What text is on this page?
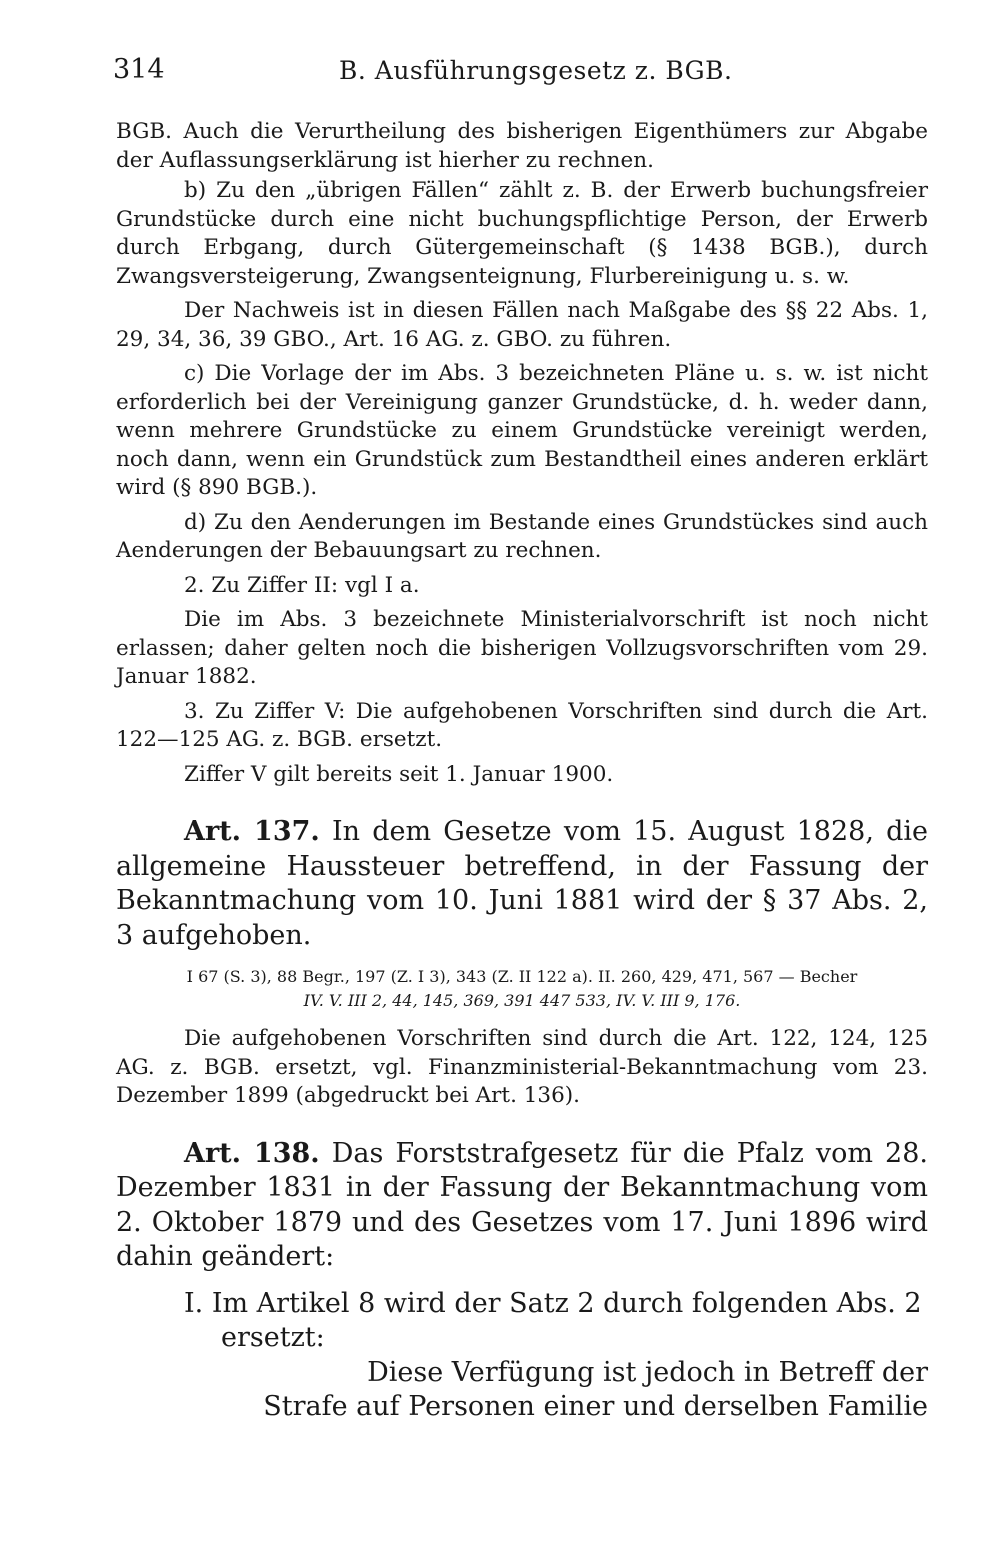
314	B. Ausführungsgesetz z. BGB.

BGB. Auch die Verurtheilung des bisherigen Eigenthümers zur Abgabe der Auflassungserklärung ist hierher zu rechnen.

b) Zu den „übrigen Fällen“ zählt z. B. der Erwerb buchungsfreier Grundstücke durch eine nicht buchungspflichtige Person, der Erwerb durch Erbgang, durch Gütergemeinschaft (§ 1438 BGB.), durch Zwangsversteigerung, Zwangsenteignung, Flurbereinigung u. s. w.

Der Nachweis ist in diesen Fällen nach Maßgabe des §§ 22 Abs. 1, 29, 34, 36, 39 GBO., Art. 16 AG. z. GBO. zu führen.

c) Die Vorlage der im Abs. 3 bezeichneten Pläne u. s. w. ist nicht erforderlich bei der Vereinigung ganzer Grundstücke, d. h. weder dann, wenn mehrere Grundstücke zu einem Grundstücke vereinigt werden, noch dann, wenn ein Grundstück zum Bestandtheil eines anderen erklärt wird (§ 890 BGB.).

d) Zu den Aenderungen im Bestande eines Grundstückes sind auch Aenderungen der Bebauungsart zu rechnen.

2. Zu Ziffer II: vgl I a.

Die im Abs. 3 bezeichnete Ministerialvorschrift ist noch nicht erlassen; daher gelten noch die bisherigen Vollzugsvorschriften vom 29. Januar 1882.

3. Zu Ziffer V: Die aufgehobenen Vorschriften sind durch die Art. 122—125 AG. z. BGB. ersetzt.

Ziffer V gilt bereits seit 1. Januar 1900.

Art. 137. In dem Gesetze vom 15. August 1828, die allgemeine Haussteuer betreffend, in der Fassung der Bekanntmachung vom 10. Juni 1881 wird der § 37 Abs. 2, 3 aufgehoben.

I 67 (S. 3), 88 Begr., 197 (Z. I 3), 343 (Z. II 122 a). II. 260, 429, 471, 567 — Becher
IV. V. III 2, 44, 145, 369, 391 447 533, IV. V. III 9, 176.

Die aufgehobenen Vorschriften sind durch die Art. 122, 124, 125 AG. z. BGB. ersetzt, vgl. Finanzministerial-Bekanntmachung vom 23. Dezember 1899 (abgedruckt bei Art. 136).

Art. 138. Das Forststrafgesetz für die Pfalz vom 28. Dezember 1831 in der Fassung der Bekanntmachung vom 2. Oktober 1879 und des Gesetzes vom 17. Juni 1896 wird dahin geändert:

I. Im Artikel 8 wird der Satz 2 durch folgenden Abs. 2

ersetzt:

Diese Verfügung ist jedoch in Betreff der

Strafe auf Personen einer und derselben Familie
